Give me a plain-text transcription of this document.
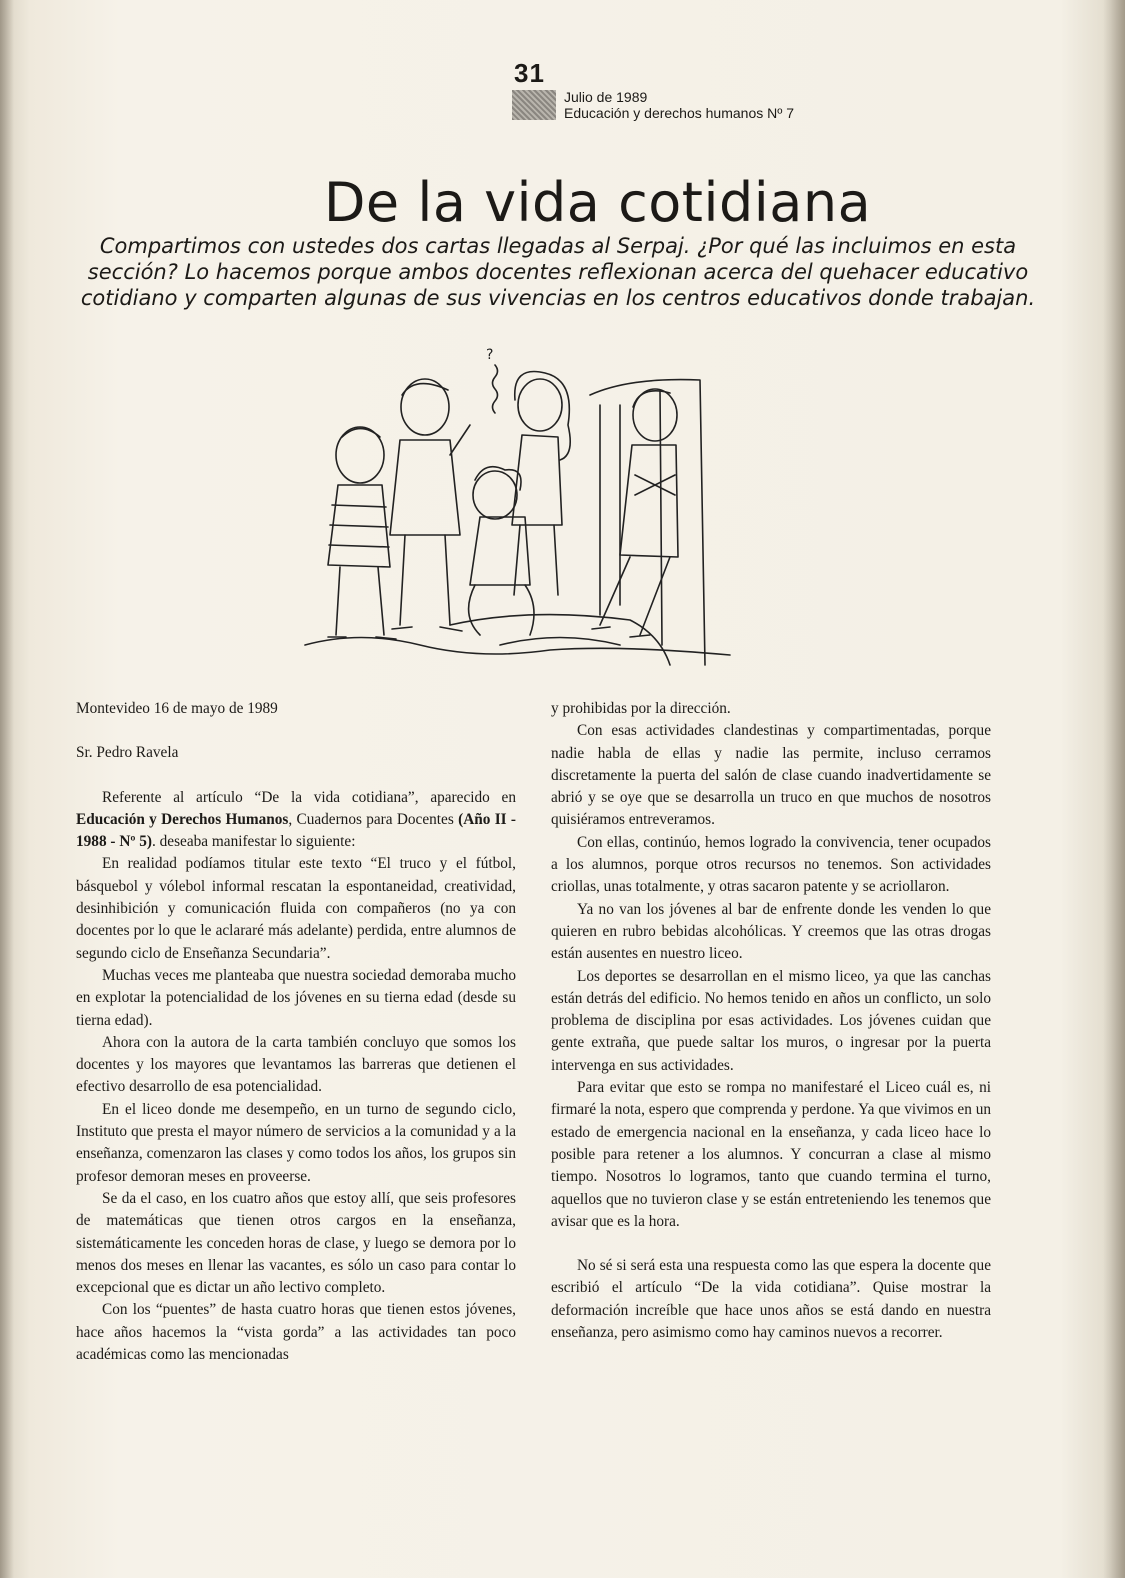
31
Julio de 1989
Educación y derechos humanos Nº 7
De la vida cotidiana

Compartimos con ustedes dos cartas llegadas al Serpaj. ¿Por qué las incluimos en esta sección? Lo hacemos porque ambos docentes reflexionan acerca del quehacer educativo cotidiano y comparten algunas de sus vivencias en los centros educativos donde trabajan.

?

Montevideo 16 de mayo de 1989

Sr. Pedro Ravela

Referente al artículo “De la vida cotidiana”, aparecido en Educación y Derechos Humanos, Cuadernos para Docentes (Año II - 1988 - Nº 5). deseaba manifestar lo siguiente:

En realidad podíamos titular este texto “El truco y el fútbol, básquebol y vólebol informal rescatan la espontaneidad, creatividad, desinhibición y comunicación fluida con compañeros (no ya con docentes por lo que le aclararé más adelante) perdida, entre alumnos de segundo ciclo de Enseñanza Secundaria”.

Muchas veces me planteaba que nuestra sociedad demoraba mucho en explotar la potencialidad de los jóvenes en su tierna edad (desde su tierna edad).

Ahora con la autora de la carta también concluyo que somos los docentes y los mayores que levantamos las barreras que detienen el efectivo desarrollo de esa potencialidad.

En el liceo donde me desempeño, en un turno de segundo ciclo, Instituto que presta el mayor número de servicios a la comunidad y a la enseñanza, comenzaron las clases y como todos los años, los grupos sin profesor demoran meses en proveerse.

Se da el caso, en los cuatro años que estoy allí, que seis profesores de matemáticas que tienen otros cargos en la enseñanza, sistemáticamente les conceden horas de clase, y luego se demora por lo menos dos meses en llenar las vacantes, es sólo un caso para contar lo excepcional que es dictar un año lectivo completo.

Con los “puentes” de hasta cuatro horas que tienen estos jóvenes, hace años hacemos la “vista gorda” a las actividades tan poco académicas como las mencionadas

y prohibidas por la dirección.

Con esas actividades clandestinas y compartimentadas, porque nadie habla de ellas y nadie las permite, incluso cerramos discretamente la puerta del salón de clase cuando inadvertidamente se abrió y se oye que se desarrolla un truco en que muchos de nosotros quisiéramos entreveramos.

Con ellas, continúo, hemos logrado la convivencia, tener ocupados a los alumnos, porque otros recursos no tenemos. Son actividades criollas, unas totalmente, y otras sacaron patente y se acriollaron.

Ya no van los jóvenes al bar de enfrente donde les venden lo que quieren en rubro bebidas alcohólicas. Y creemos que las otras drogas están ausentes en nuestro liceo.

Los deportes se desarrollan en el mismo liceo, ya que las canchas están detrás del edificio. No hemos tenido en años un conflicto, un solo problema de disciplina por esas actividades. Los jóvenes cuidan que gente extraña, que puede saltar los muros, o ingresar por la puerta intervenga en sus actividades.

Para evitar que esto se rompa no manifestaré el Liceo cuál es, ni firmaré la nota, espero que comprenda y perdone. Ya que vivimos en un estado de emergencia nacional en la enseñanza, y cada liceo hace lo posible para retener a los alumnos. Y concurran a clase al mismo tiempo. Nosotros lo logramos, tanto que cuando termina el turno, aquellos que no tuvieron clase y se están entreteniendo les tenemos que avisar que es la hora.

No sé si será esta una respuesta como las que espera la docente que escribió el artículo “De la vida cotidiana”. Quise mostrar la deformación increíble que hace unos años se está dando en nuestra enseñanza, pero asimismo como hay caminos nuevos a recorrer.
